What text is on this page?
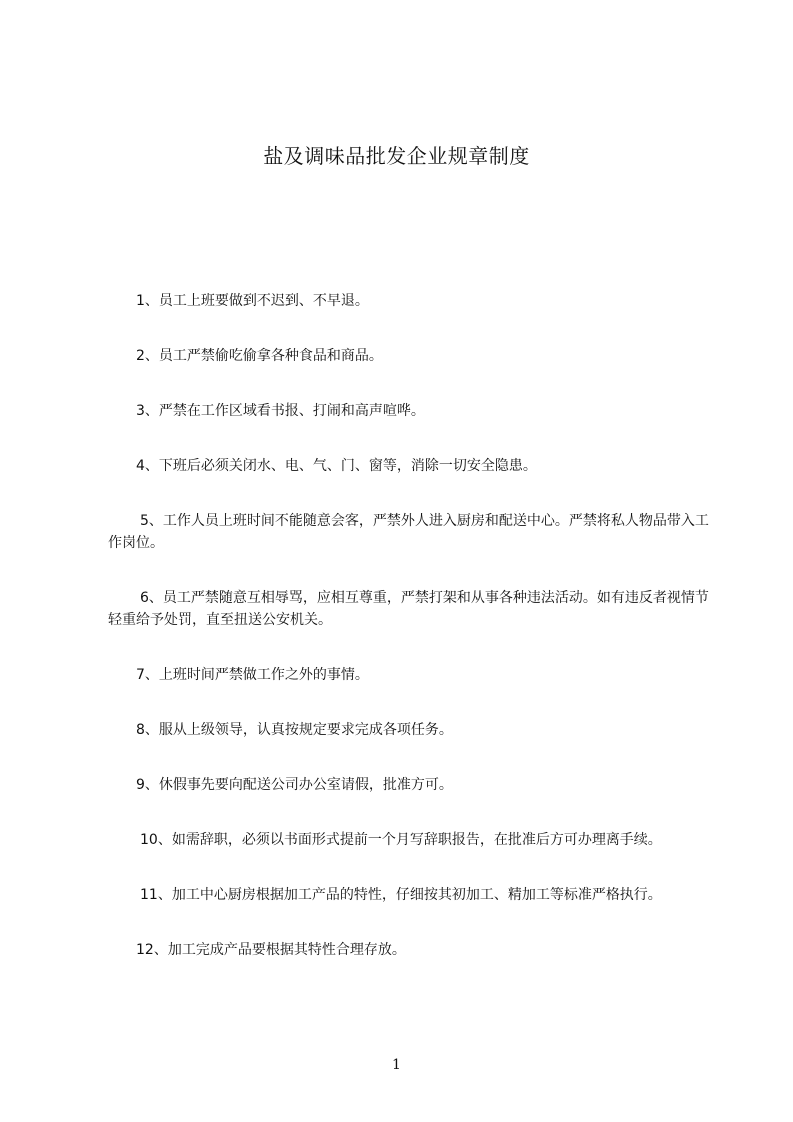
盐及调味品批发企业规章制度
1、员工上班要做到不迟到、不早退。
2、员工严禁偷吃偷拿各种食品和商品。
3、严禁在工作区域看书报、打闹和高声喧哗。
4、下班后必须关闭水、电、气、门、窗等，消除一切安全隐患。
5、工作人员上班时间不能随意会客，严禁外人进入厨房和配送中心。严禁将私人物品带入工作岗位。
6、员工严禁随意互相辱骂，应相互尊重，严禁打架和从事各种违法活动。如有违反者视情节轻重给予处罚，直至扭送公安机关。
7、上班时间严禁做工作之外的事情。
8、服从上级领导，认真按规定要求完成各项任务。
9、休假事先要向配送公司办公室请假，批准方可。
10、如需辞职，必须以书面形式提前一个月写辞职报告，在批准后方可办理离手续。
11、加工中心厨房根据加工产品的特性，仔细按其初加工、精加工等标准严格执行。
12、加工完成产品要根据其特性合理存放。
1
